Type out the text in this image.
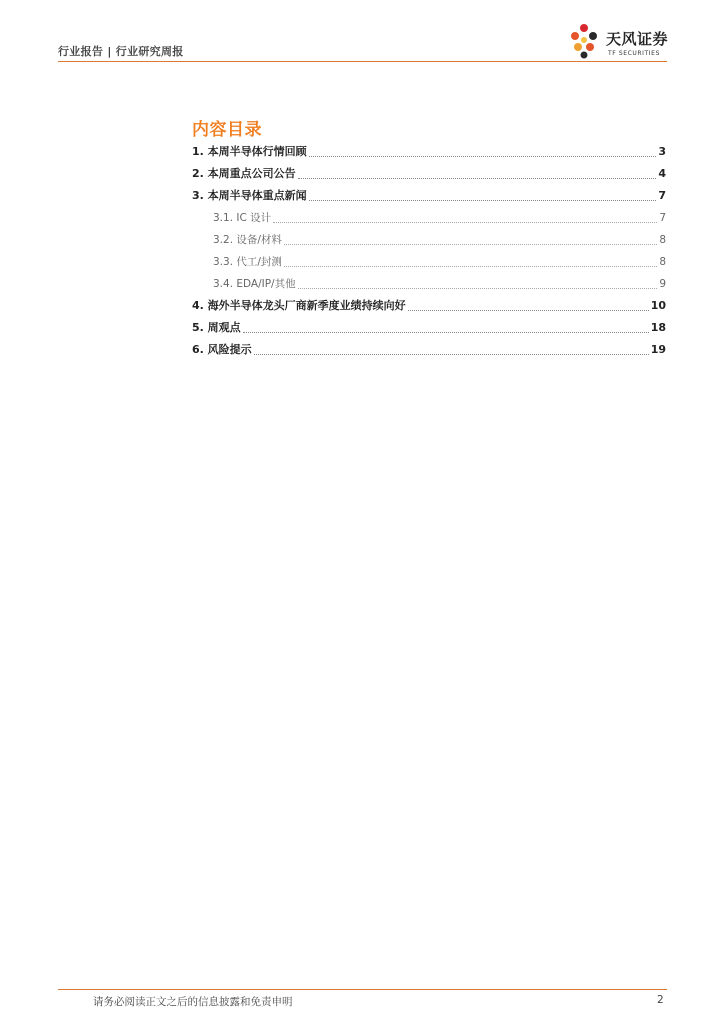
行业报告 | 行业研究周报
天风证券
TF SECURITIES
内容目录
1. 本周半导体行情回顾	3
2. 本周重点公司公告	4
3. 本周半导体重点新闻	7
3.1. IC 设计	7
3.2. 设备/材料	8
3.3. 代工/封测	8
3.4. EDA/IP/其他	9
4. 海外半导体龙头厂商新季度业绩持续向好	10
5. 周观点	18
6. 风险提示	19
请务必阅读正文之后的信息披露和免责申明	2
